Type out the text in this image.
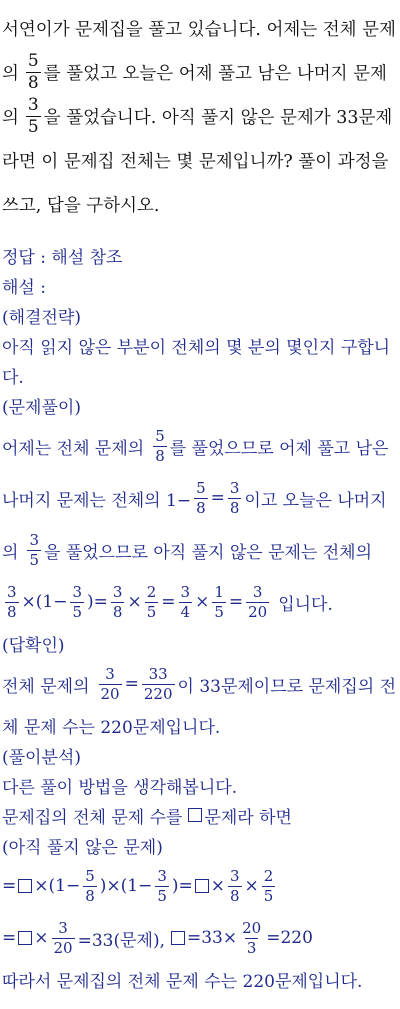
서연이가 문제집을 풀고 있습니다. 어제는 전체 문제
의 $\frac{5}{8}$ 를 풀었고 오늘은 어제 풀고 남은 나머지 문제
의 $\frac{3}{5}$ 을 풀었습니다. 아직 풀지 않은 문제가 33문제
라면 이 문제집 전체는 몇 문제입니까? 풀이 과정을
쓰고, 답을 구하시오.
정답 : 해설 참조
해설 :
(해결전략)
아직 읽지 않은 부분이 전체의 몇 분의 몇인지 구합니
다.
(문제풀이)
어제는 전체 문제의 $\frac{5}{8}$ 를 풀었으므로 어제 풀고 남은
나머지 문제는 전체의 $1- \frac{5}{8} = \frac{3}{8}$ 이고 오늘은 나머지
의 $\frac{3}{5}$ 을 풀었으므로 아직 풀지 않은 문제는 전체의
$\frac{3}{8} \times(1- \frac{3}{5}$ )= $\frac{3}{8} \times \frac{2}{5} = \frac{3}{4} \times \frac{1}{5} = \frac{3}{20}$ 입니다.
(답확인)
전체 문제의 $\frac{3}{20} = \frac{33}{220}$ 이 33문제이므로 문제집의 전
체 문제 수는 220문제입니다.
(풀이분석)
다른 풀이 방법을 생각해봅니다.
문제집의 전체 문제 수를 문제라 하면
(아직 풀지 않은 문제)
= $\times(1- \frac{5}{8} )\times(1- \frac{3}{5}$ )= × $\frac{3}{8} \times \frac{2}{5}$
= × $\frac{3}{20} =33$(문제), $=33\times \frac{20}{3} =220$
따라서 문제집의 전체 문제 수는 220문제입니다.
